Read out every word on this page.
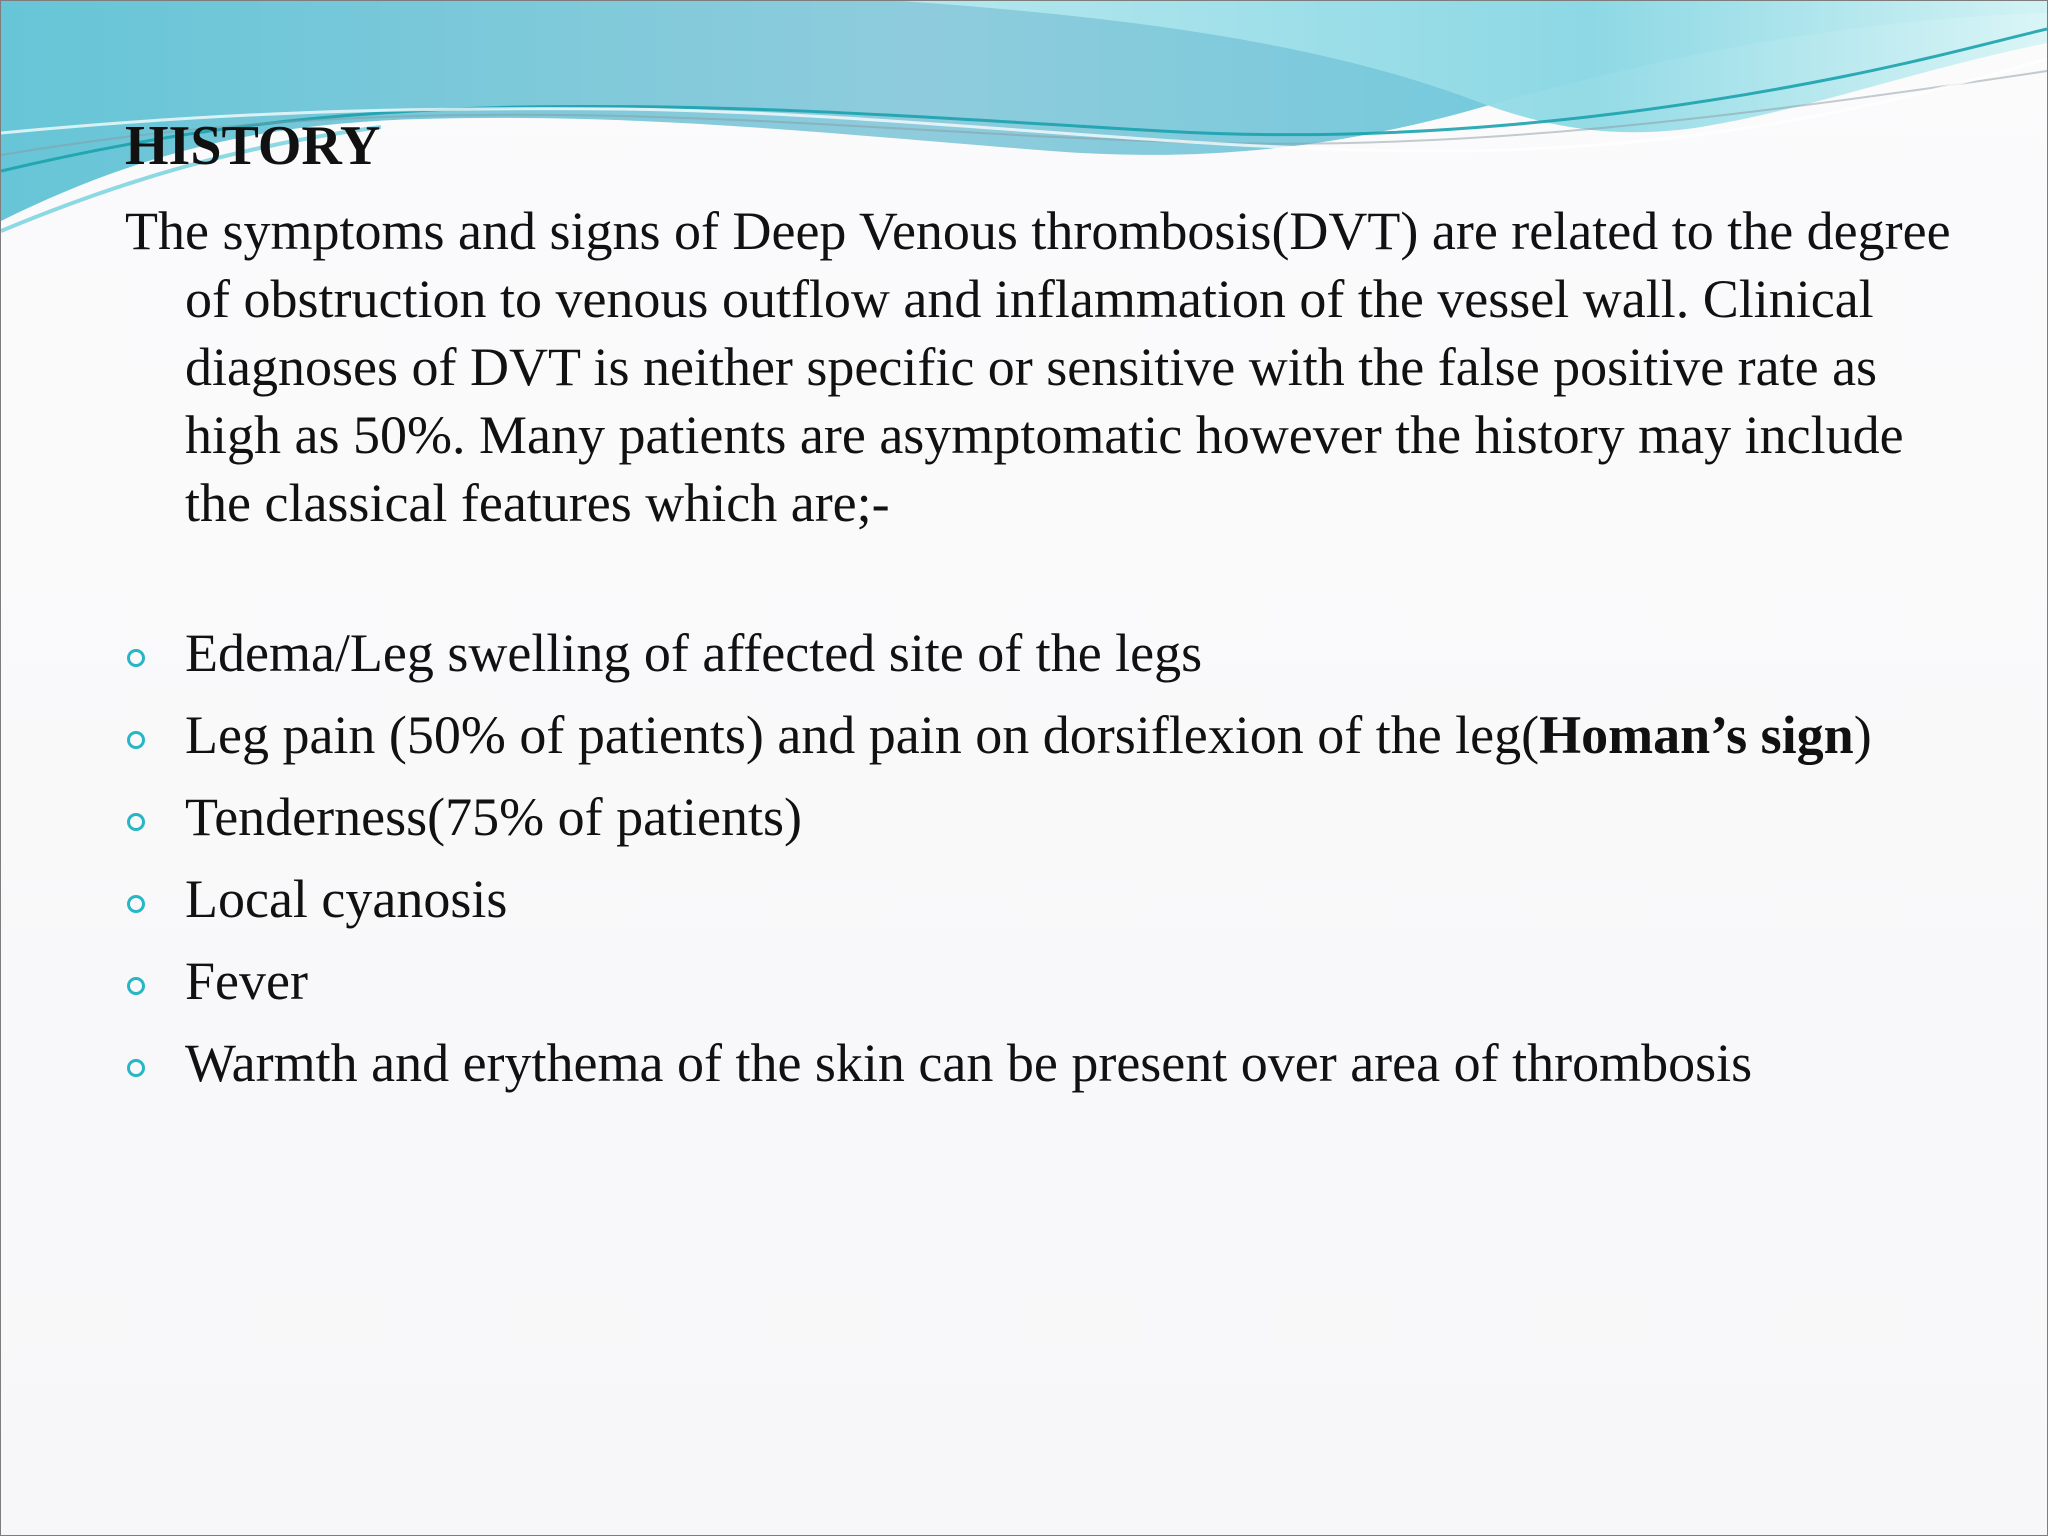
HISTORY

The symptoms and signs of Deep Venous thrombosis(DVT) are related to the degree of obstruction to venous outflow and inflammation of the vessel wall. Clinical diagnoses of DVT is neither specific or sensitive with the false positive rate as high as 50%. Many patients are asymptomatic however the history may include the classical features which are;-

Edema/Leg swelling of affected site of the legs
Leg pain (50% of patients) and pain on dorsiflexion of the leg(Homan’s sign)
Tenderness(75% of patients)
Local cyanosis
Fever
Warmth and erythema of the skin can be present over area of thrombosis
